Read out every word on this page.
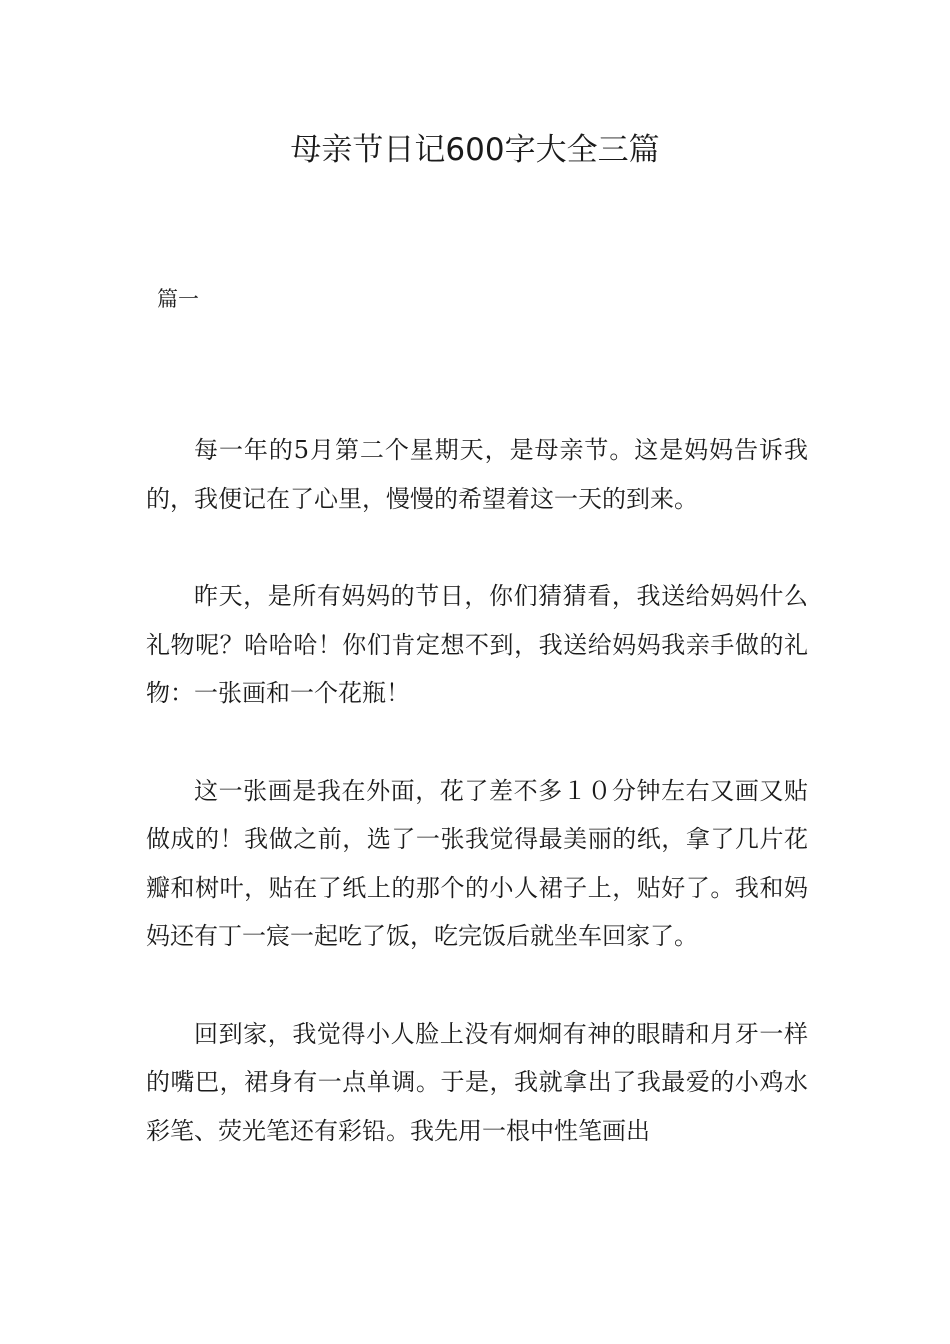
母亲节日记600字大全三篇

篇一

每一年的5月第二个星期天，是母亲节。这是妈妈告诉我的，我便记在了心里，慢慢的希望着这一天的到来。

昨天，是所有妈妈的节日，你们猜猜看，我送给妈妈什么礼物呢？哈哈哈！你们肯定想不到，我送给妈妈我亲手做的礼物：一张画和一个花瓶！

这一张画是我在外面，花了差不多１０分钟左右又画又贴做成的！我做之前，选了一张我觉得最美丽的纸，拿了几片花瓣和树叶，贴在了纸上的那个的小人裙子上，贴好了。我和妈妈还有丁一宸一起吃了饭，吃完饭后就坐车回家了。

回到家，我觉得小人脸上没有炯炯有神的眼睛和月牙一样的嘴巴，裙身有一点单调。于是，我就拿出了我最爱的小鸡水彩笔、荧光笔还有彩铅。我先用一根中性笔画出
